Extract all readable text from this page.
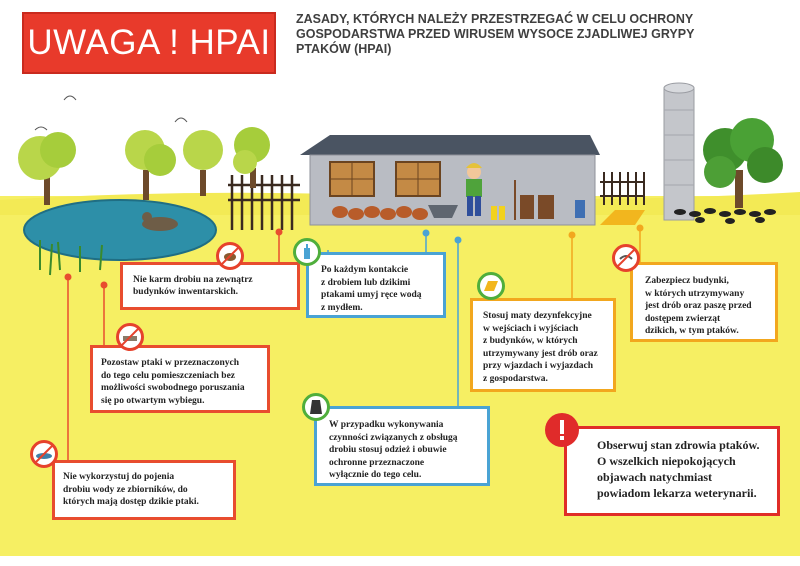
UWAGA ! HPAI
ZASADY, KTÓRYCH NALEŻY PRZESTRZEGAĆ W CELU OCHRONY
GOSPODARSTWA PRZED WIRUSEM WYSOCE ZJADLIWEJ GRYPY
PTAKÓW (HPAI)
Nie karm drobiu na zewnątrz
budynków inwentarskich.
Pozostaw ptaki w przeznaczonych
do tego celu pomieszczeniach bez
możliwości swobodnego poruszania
się po otwartym wybiegu.
Nie wykorzystuj do pojenia
drobiu wody ze zbiorników, do
których mają dostęp dzikie ptaki.
Po każdym kontakcie
z drobiem lub dzikimi
ptakami umyj ręce wodą
z mydłem.
W przypadku wykonywania
czynności związanych z obsługą
drobiu stosuj odzież i obuwie
ochronne przeznaczone
wyłącznie do tego celu.
Stosuj maty dezynfekcyjne
w wejściach i wyjściach
z budynków, w których
utrzymywany jest drób oraz
przy wjazdach i wyjazdach
z gospodarstwa.
Zabezpiecz budynki,
w których utrzymywany
jest drób oraz paszę przed
dostępem zwierząt
dzikich, w tym ptaków.
Obserwuj stan zdrowia ptaków.
O wszelkich niepokojących
objawach natychmiast
powiadom lekarza weterynarii.
